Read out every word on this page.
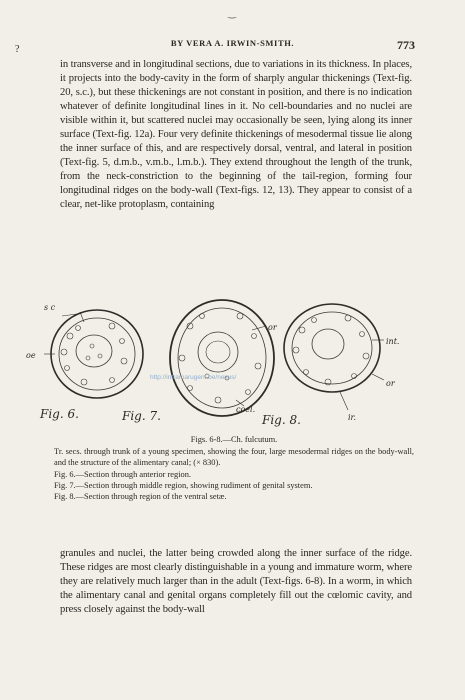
‿
?
BY VERA A. IRWIN-SMITH.	773

in transverse and in longitudinal sections, due to variations in its thickness. In places, it projects into the body-cavity in the form of sharply angular thickenings (Text-fig. 20, s.c.), but these thickenings are not constant in position, and there is no indication whatever of definite longitudinal lines in it. No cell-boundaries and no nuclei are visible within it, but scattered nuclei may occasionally be seen, lying along its inner surface (Text-fig. 12a). Four very definite thickenings of mesodermal tissue lie along the inner surface of this, and are respectively dorsal, ventral, and lateral in position (Text-fig. 5, d.m.b., v.m.b., l.m.b.). They extend throughout the length of the trunk, from the neck-constriction to the beginning of the tail-region, forming four longitudinal ridges on the body-wall (Text-figs. 12, 13). They appear to consist of a clear, net-like protoplasm, containing

s c
oe
or
coel.
int.
or
ir.
Fig. 6.	Fig. 7.	Fig. 8.
http://intramarugent.be/nexus/

Figs. 6-8.—Ch. fulcutum.

Tr. secs. through trunk of a young specimen, showing the four, large mesodermal ridges on the body-wall, and the structure of the alimentary canal; (× 830).

Fig. 6.—Section through anterior region.

Fig. 7.—Section through middle region, showing rudiment of genital system.

Fig. 8.—Section through region of the ventral setæ.

granules and nuclei, the latter being crowded along the inner surface of the ridge. These ridges are most clearly distinguishable in a young and immature worm, where they are relatively much larger than in the adult (Text-figs. 6-8). In a worm, in which the alimentary canal and genital organs completely fill out the cœlomic cavity, and press closely against the body-wall
